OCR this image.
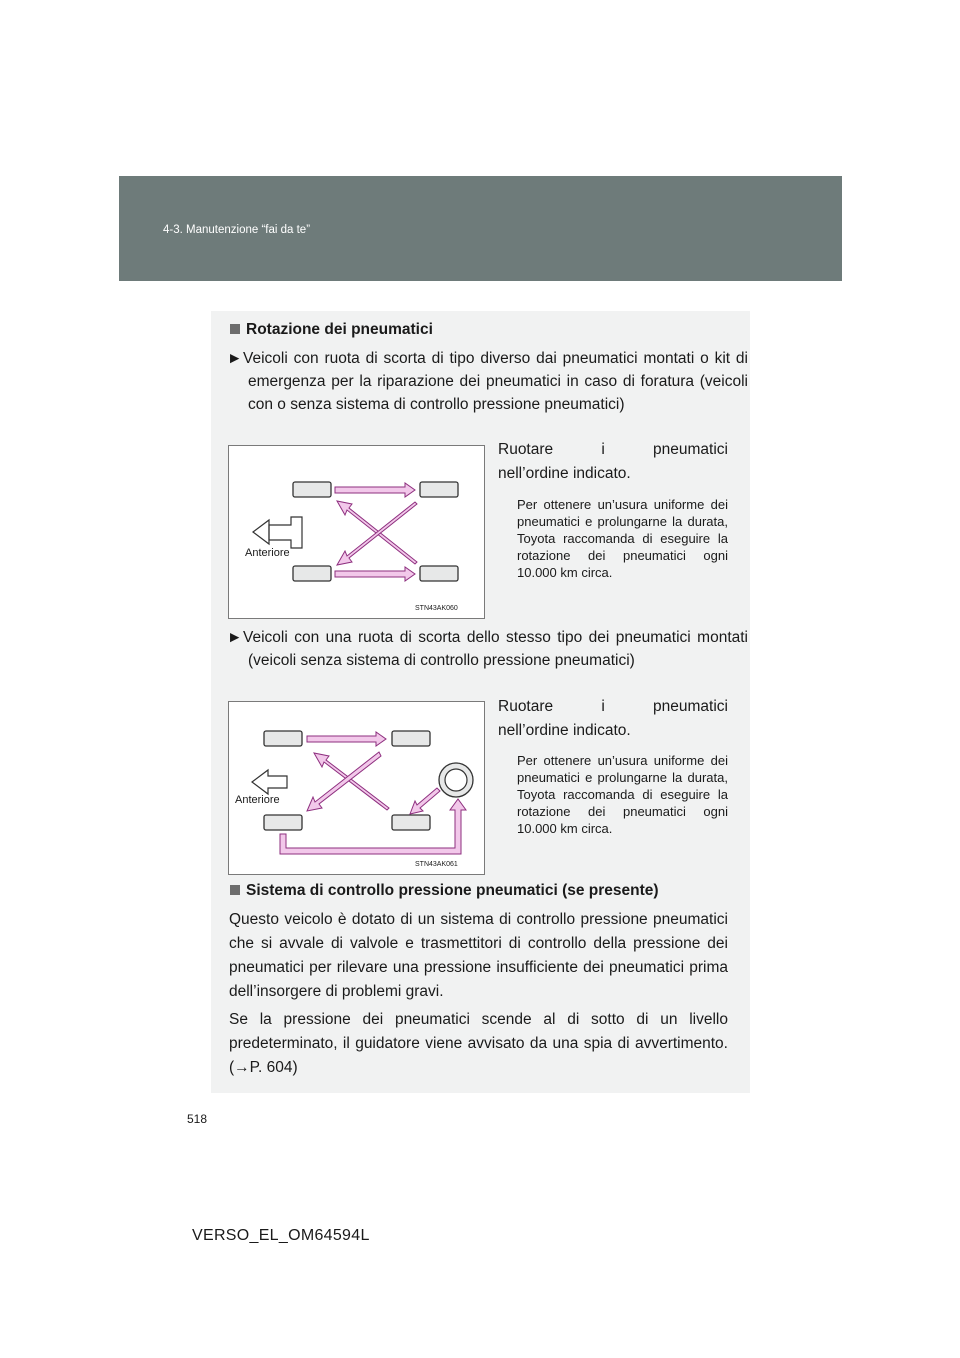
4-3. Manutenzione “fai da te”
Rotazione dei pneumatici
►Veicoli con ruota di scorta di tipo diverso dai pneumatici montati o kit di emergenza per la riparazione dei pneumatici in caso di foratura (veicoli con o senza sistema di controllo pressione pneumatici)
Anteriore
STN43AK060
Ruotare	i	pneumatici
nell’ordine indicato.
Per ottenere un’usura uniforme dei pneumatici e prolungarne la durata, Toyota raccomanda di eseguire la rotazione dei pneumatici ogni 10.000 km circa.
►Veicoli con una ruota di scorta dello stesso tipo dei pneumatici montati (veicoli senza sistema di controllo pressione pneumatici)
Anteriore
STN43AK061
Ruotare	i	pneumatici
nell’ordine indicato.
Per ottenere un’usura uniforme dei pneumatici e prolungarne la durata, Toyota raccomanda di eseguire la rotazione dei pneumatici ogni 10.000 km circa.
Sistema di controllo pressione pneumatici (se presente)
Questo veicolo è dotato di un sistema di controllo pressione pneumatici che si avvale di valvole e trasmettitori di controllo della pressione dei pneumatici per rilevare una pressione insufficiente dei pneumatici prima dell’insorgere di problemi gravi.
Se la pressione dei pneumatici scende al di sotto di un livello predeterminato, il guidatore viene avvisato da una spia di avvertimento. (→P. 604)
518
VERSO_EL_OM64594L
